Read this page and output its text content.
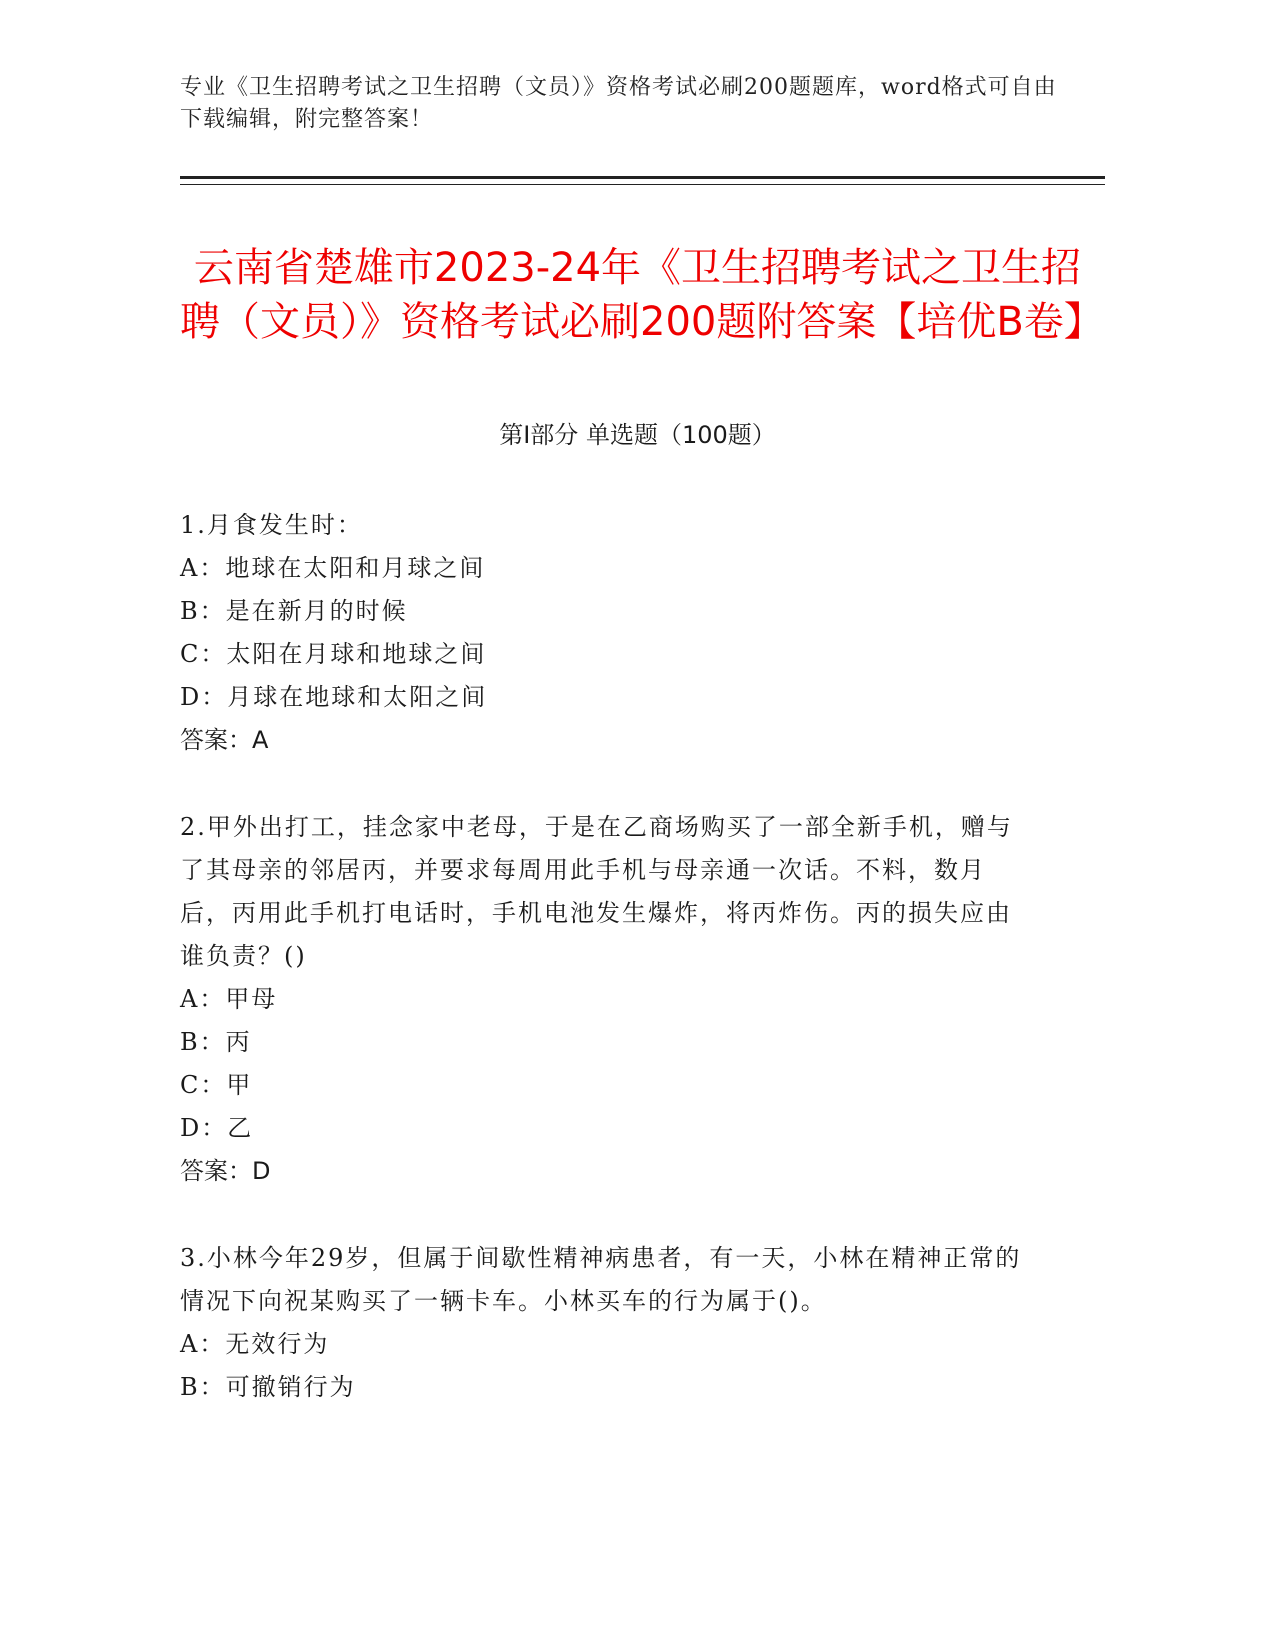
专业《卫生招聘考试之卫生招聘（文员）》资格考试必刷200题题库，word格式可自由下载编辑，附完整答案！
云南省楚雄市2023-24年《卫生招聘考试之卫生招聘（文员）》资格考试必刷200题附答案【培优B卷】
第I部分 单选题（100题）

1.月食发生时：

A：地球在太阳和月球之间

B：是在新月的时候

C：太阳在月球和地球之间

D：月球在地球和太阳之间

答案：A

2.甲外出打工，挂念家中老母，于是在乙商场购买了一部全新手机，赠与了其母亲的邻居丙，并要求每周用此手机与母亲通一次话。不料，数月后，丙用此手机打电话时，手机电池发生爆炸，将丙炸伤。丙的损失应由谁负责？()

A：甲母

B：丙

C：甲

D：乙

答案：D

3.小林今年29岁，但属于间歇性精神病患者，有一天，小林在精神正常的情况下向祝某购买了一辆卡车。小林买车的行为属于()。

A：无效行为

B：可撤销行为
